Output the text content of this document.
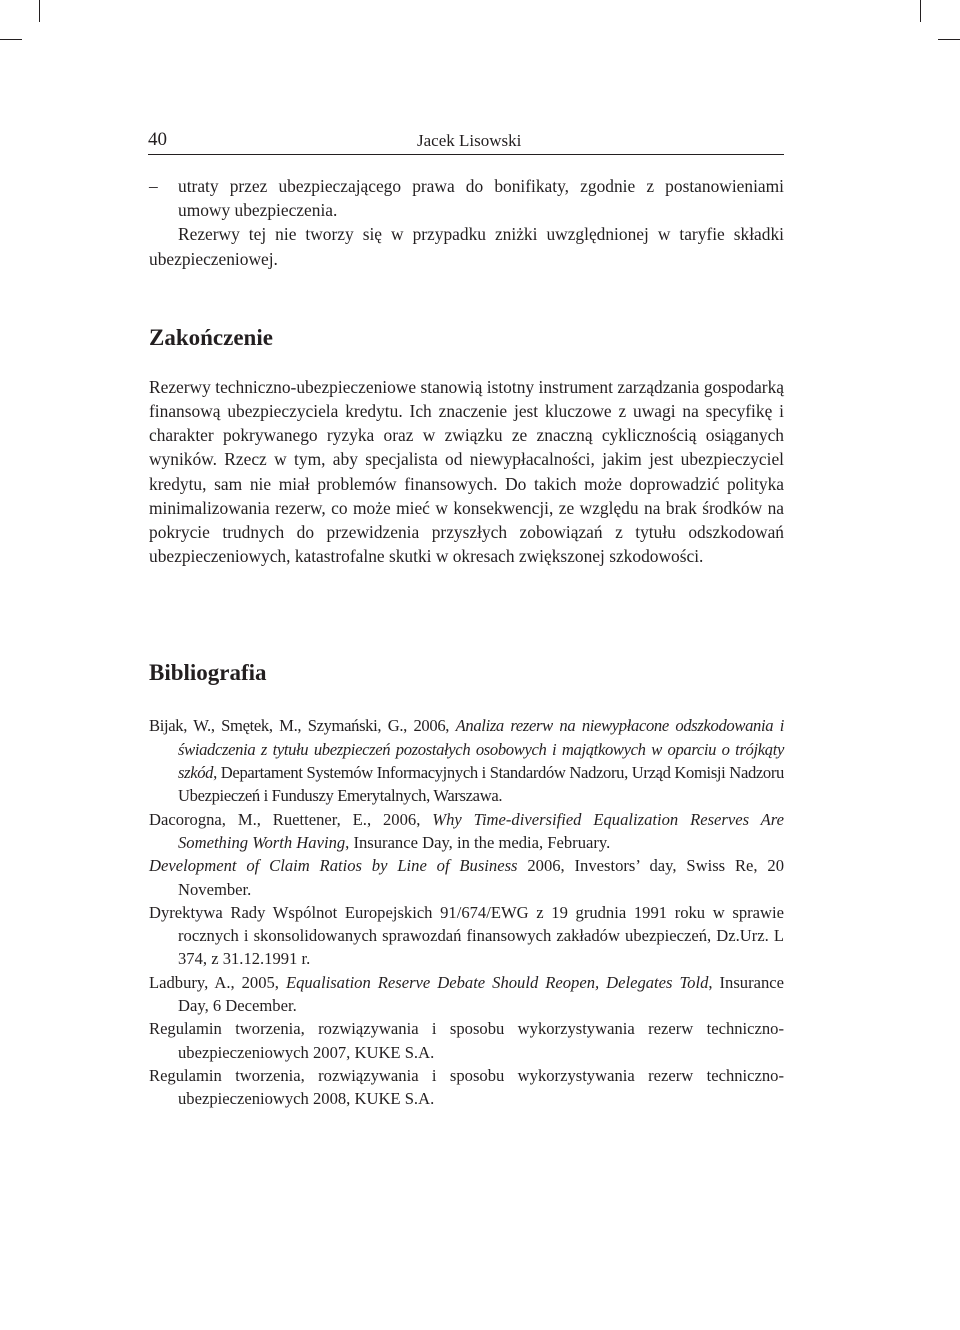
40	Jacek Lisowski

– utraty przez ubezpieczającego prawa do bonifikaty, zgodnie z postanowieniami umowy ubezpieczenia.

Rezerwy tej nie tworzy się w przypadku zniżki uwzględnionej w taryfie składki ubezpieczeniowej.

Zakończenie

Rezerwy techniczno-ubezpieczeniowe stanowią istotny instrument zarządzania gospodarką finansową ubezpieczyciela kredytu. Ich znaczenie jest kluczowe z uwagi na specyfikę i charakter pokrywanego ryzyka oraz w związku ze znaczną cyklicznością osiąganych wyników. Rzecz w tym, aby specjalista od niewypłacalności, jakim jest ubezpieczyciel kredytu, sam nie miał problemów finansowych. Do takich może doprowadzić polityka minimalizowania rezerw, co może mieć w konsekwencji, ze względu na brak środków na pokrycie trudnych do przewidzenia przyszłych zobowiązań z tytułu odszkodowań ubezpieczeniowych, katastrofalne skutki w okresach zwiększonej szkodowości.

Bibliografia

Bijak, W., Smętek, M., Szymański, G., 2006, Analiza rezerw na niewypłacone odszkodowania i świadczenia z tytułu ubezpieczeń pozostałych osobowych i majątkowych w oparciu o trójkąty szkód, Departament Systemów Informacyjnych i Standardów Nadzoru, Urząd Komisji Nadzoru Ubezpieczeń i Funduszy Emerytalnych, Warszawa.

Dacorogna, M., Ruettener, E., 2006, Why Time-diversified Equalization Reserves Are Something Worth Having, Insurance Day, in the media, February.

Development of Claim Ratios by Line of Business 2006, Investors’ day, Swiss Re, 20 November.

Dyrektywa Rady Wspólnot Europejskich 91/674/EWG z 19 grudnia 1991 roku w sprawie rocznych i skonsolidowanych sprawozdań finansowych zakładów ubezpieczeń, Dz.Urz. L 374, z 31.12.1991 r.

Ladbury, A., 2005, Equalisation Reserve Debate Should Reopen, Delegates Told, Insurance Day, 6 December.

Regulamin tworzenia, rozwiązywania i sposobu wykorzystywania rezerw techniczno-ubezpieczeniowych 2007, KUKE S.A.

Regulamin tworzenia, rozwiązywania i sposobu wykorzystywania rezerw techniczno-ubezpieczeniowych 2008, KUKE S.A.
